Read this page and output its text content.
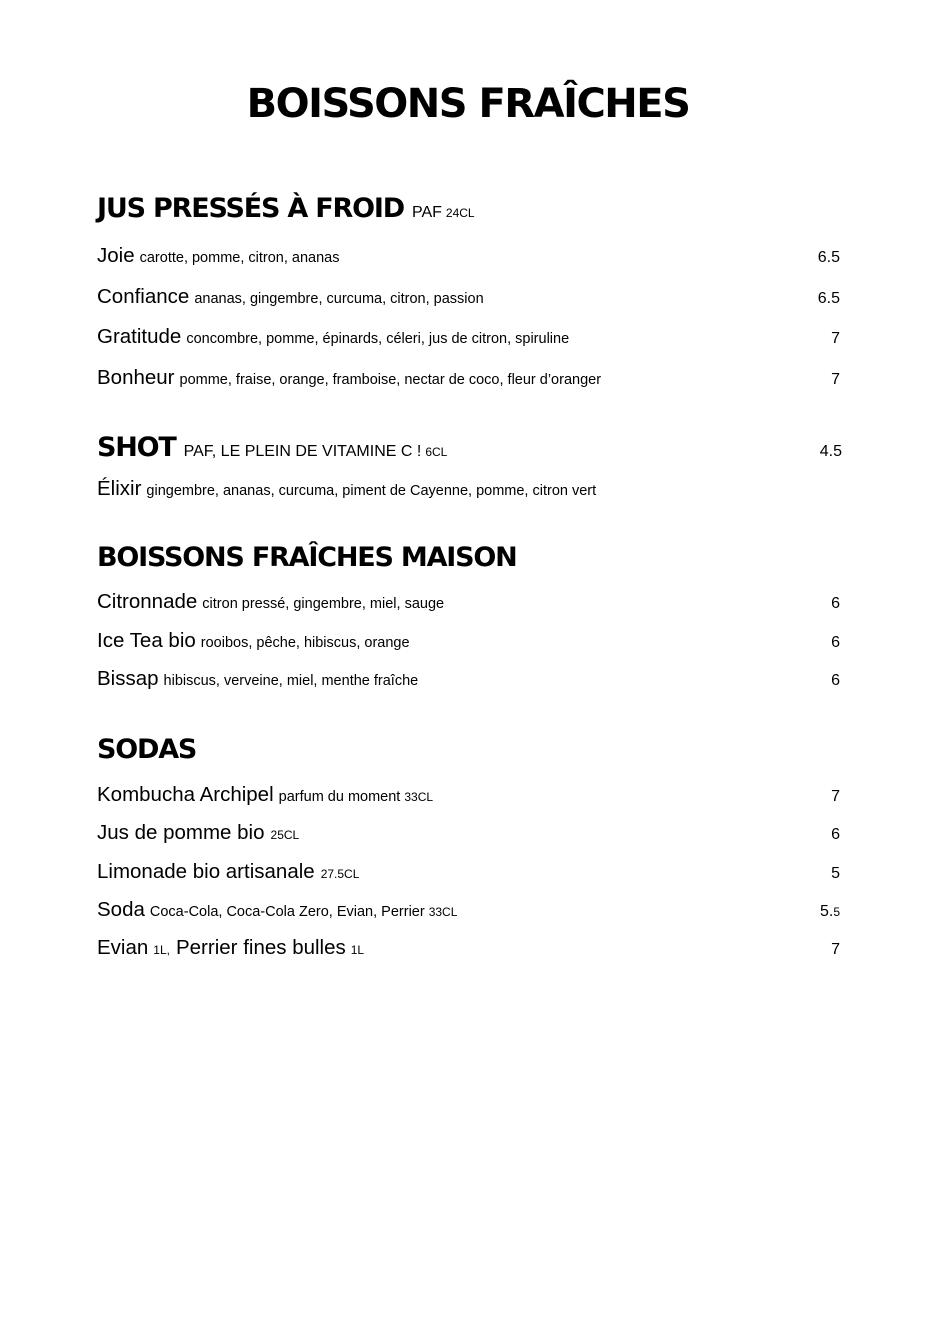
BOISSONS FRAÎCHES
JUS PRESSÉS À FROID PAF 24CL
Joie carotte, pomme, citron, ananas	6.5
Confiance ananas, gingembre, curcuma, citron, passion	6.5
Gratitude concombre, pomme, épinards, céleri, jus de citron, spiruline	7
Bonheur pomme, fraise, orange, framboise, nectar de coco, fleur d’oranger	7
SHOT PAF, LE PLEIN DE VITAMINE C ! 6CL	4.5
Élixir gingembre, ananas, curcuma, piment de Cayenne, pomme, citron vert
BOISSONS FRAÎCHES MAISON
Citronnade citron pressé, gingembre, miel, sauge	6
Ice Tea bio rooibos, pêche, hibiscus, orange	6
Bissap hibiscus, verveine, miel, menthe fraîche	6
SODAS
Kombucha Archipel parfum du moment 33CL	7
Jus de pomme bio 25CL	6
Limonade bio artisanale 27.5CL	5
Soda Coca-Cola, Coca-Cola Zero, Evian, Perrier 33CL	5.5
Evian 1L , Perrier fines bulles 1L	7
